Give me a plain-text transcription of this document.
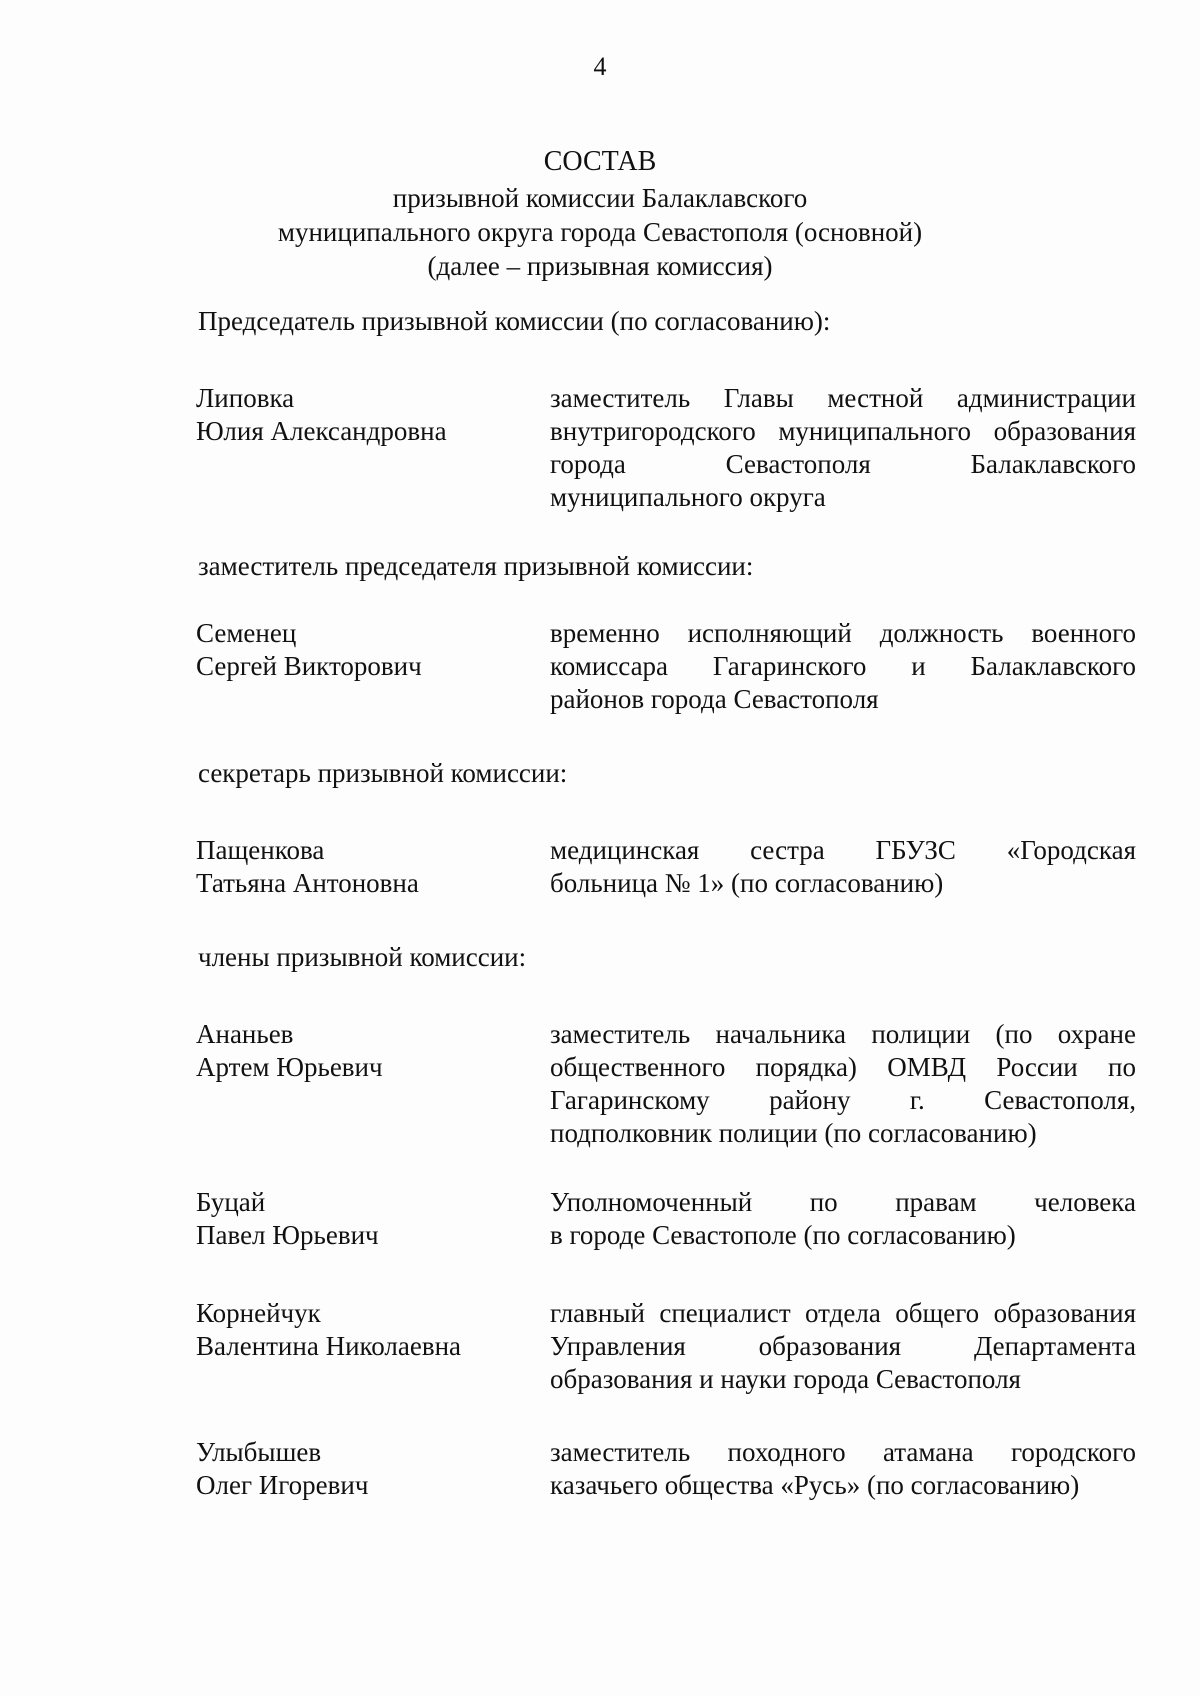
4
СОСТАВ
призывной комиссии Балаклавского
муниципального округа города Севастополя (основной)
(далее – призывная комиссия)
Председатель призывной комиссии (по согласованию):
Липовка
Юлия Александровна
заместитель Главы местной администрации
внутригородского муниципального образования
города Севастополя Балаклавского
муниципального округа
заместитель председателя призывной комиссии:
Семенец
Сергей Викторович
временно исполняющий должность военного
комиссара Гагаринского и Балаклавского
районов города Севастополя
секретарь призывной комиссии:
Пащенкова
Татьяна Антоновна
медицинская сестра ГБУЗС «Городская
больница № 1» (по согласованию)
члены призывной комиссии:
Ананьев
Артем Юрьевич
заместитель начальника полиции (по охране
общественного порядка) ОМВД России по
Гагаринскому району г. Севастополя,
подполковник полиции (по согласованию)
Буцай
Павел Юрьевич
Уполномоченный по правам человека
в городе Севастополе (по согласованию)
Корнейчук
Валентина Николаевна
главный специалист отдела общего образования
Управления образования Департамента
образования и науки города Севастополя
Улыбышев
Олег Игоревич
заместитель походного атамана городского
казачьего общества «Русь» (по согласованию)
